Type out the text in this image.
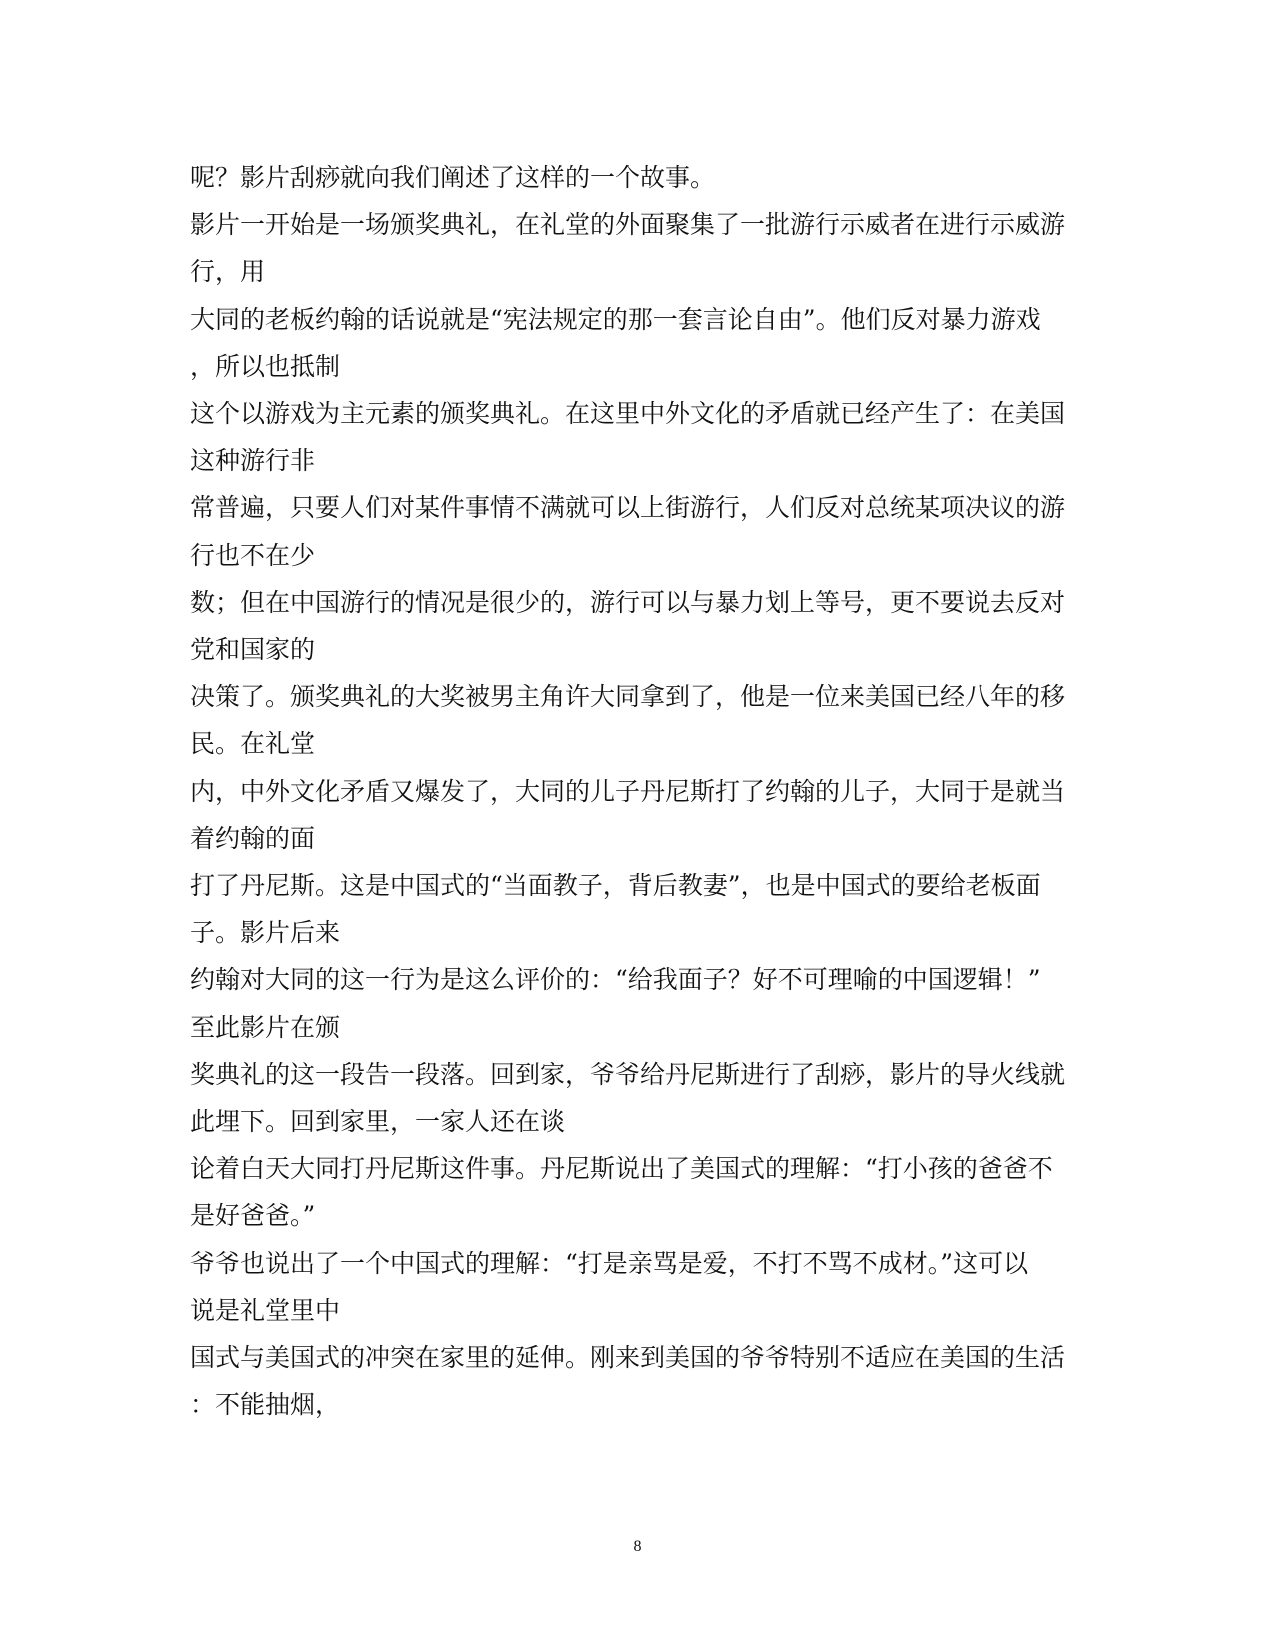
呢？影片刮痧就向我们阐述了这样的一个故事。
影片一开始是一场颁奖典礼，在礼堂的外面聚集了一批游行示威者在进行示威游
行，用
大同的老板约翰的话说就是“宪法规定的那一套言论自由”。他们反对暴力游戏
，所以也抵制
这个以游戏为主元素的颁奖典礼。在这里中外文化的矛盾就已经产生了：在美国
这种游行非
常普遍，只要人们对某件事情不满就可以上街游行，人们反对总统某项决议的游
行也不在少
数；但在中国游行的情况是很少的，游行可以与暴力划上等号，更不要说去反对
党和国家的
决策了。颁奖典礼的大奖被男主角许大同拿到了，他是一位来美国已经八年的移
民。在礼堂
内，中外文化矛盾又爆发了，大同的儿子丹尼斯打了约翰的儿子，大同于是就当
着约翰的面
打了丹尼斯。这是中国式的“当面教子，背后教妻”，也是中国式的要给老板面
子。影片后来
约翰对大同的这一行为是这么评价的：“给我面子？好不可理喻的中国逻辑！”
至此影片在颁
奖典礼的这一段告一段落。回到家，爷爷给丹尼斯进行了刮痧，影片的导火线就
此埋下。回到家里，一家人还在谈
论着白天大同打丹尼斯这件事。丹尼斯说出了美国式的理解：“打小孩的爸爸不
是好爸爸。”
爷爷也说出了一个中国式的理解：“打是亲骂是爱，不打不骂不成材。”这可以
说是礼堂里中
国式与美国式的冲突在家里的延伸。刚来到美国的爷爷特别不适应在美国的生活
：不能抽烟，
8
